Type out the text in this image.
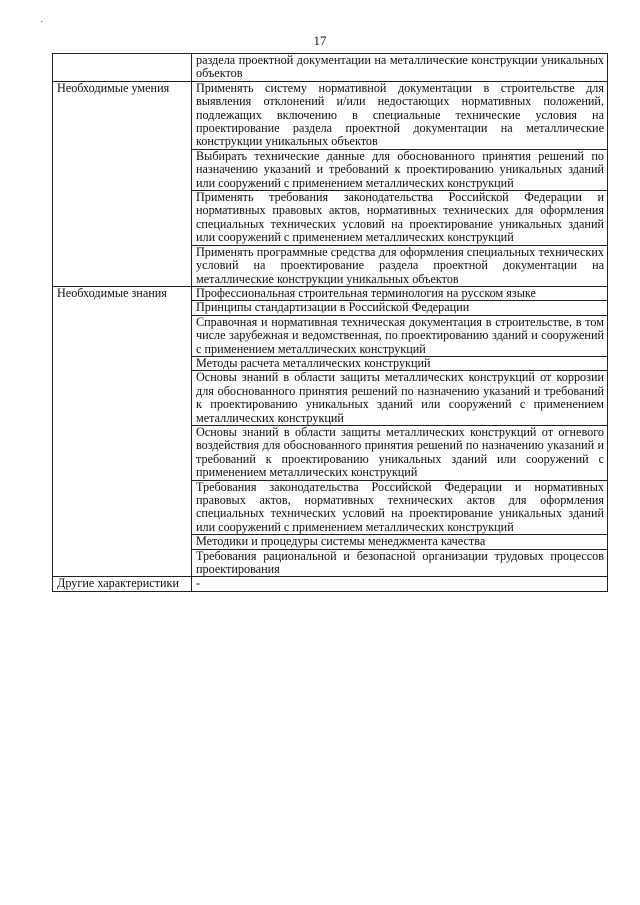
·
17
	раздела проектной документации на металлические конструкции уникальных объектов
Необходимые умения	Применять систему нормативной документации в строительстве для выявления отклонений и/или недостающих нормативных положений, подлежащих включению в специальные технические условия на проектирование раздела проектной документации на металлические конструкции уникальных объектов
	Выбирать технические данные для обоснованного принятия решений по назначению указаний и требований к проектированию уникальных зданий или сооружений с применением металлических конструкций
	Применять требования законодательства Российской Федерации и нормативных правовых актов, нормативных технических для оформления специальных технических условий на проектирование уникальных зданий или сооружений с применением металлических конструкций
	Применять программные средства для оформления специальных технических условий на проектирование раздела проектной документации на металлические конструкции уникальных объектов
Необходимые знания	Профессиональная строительная терминология на русском языке
	Принципы стандартизации в Российской Федерации
	Справочная и нормативная техническая документация в строительстве, в том числе зарубежная и ведомственная, по проектированию зданий и сооружений с применением металлических конструкций
	Методы расчета металлических конструкций
	Основы знаний в области защиты металлических конструкций от коррозии для обоснованного принятия решений по назначению указаний и требований к проектированию уникальных зданий или сооружений с применением металлических конструкций
	Основы знаний в области защиты металлических конструкций от огневого воздействия для обоснованного принятия решений по назначению указаний и требований к проектированию уникальных зданий или сооружений с применением металлических конструкций
	Требования законодательства Российской Федерации и нормативных правовых актов, нормативных технических актов для оформления специальных технических условий на проектирование уникальных зданий или сооружений с применением металлических конструкций
	Методики и процедуры системы менеджмента качества
	Требования рациональной и безопасной организации трудовых процессов проектирования
Другие характеристики	-
